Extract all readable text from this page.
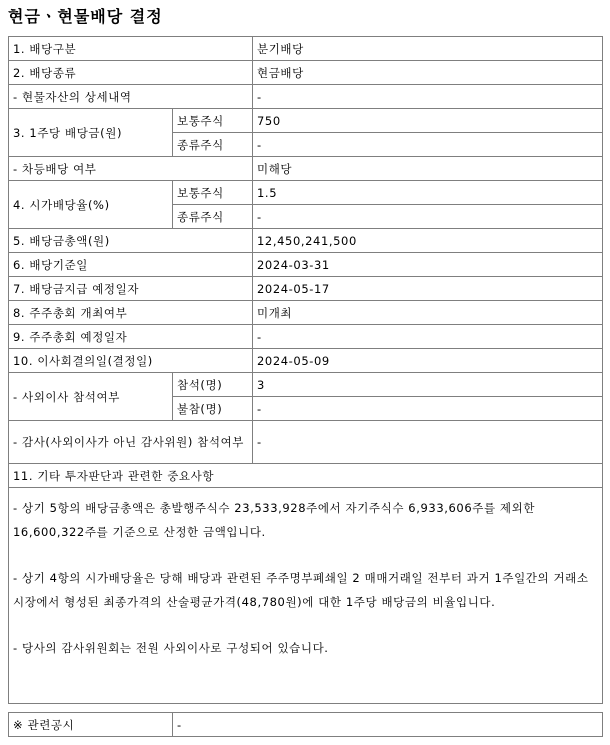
현금ㆍ현물배당 결정
1. 배당구분		분기배당
2. 배당종류		현금배당
- 현물자산의 상세내역		-
3. 1주당 배당금(원)	보통주식	750
	종류주식	-
- 차등배당 여부		미해당
4. 시가배당율(%)	보통주식	1.5
	종류주식	-
5. 배당금총액(원)		12,450,241,500
6. 배당기준일		2024-03-31
7. 배당금지급 예정일자		2024-05-17
8. 주주총회 개최여부		미개최
9. 주주총회 예정일자		-
10. 이사회결의일(결정일)		2024-05-09
- 사외이사 참석여부	참석(명)	3
	불참(명)	-
- 감사(사외이사가 아닌 감사위원) 참석여부		-
11. 기타 투자판단과 관련한 중요사항		

- 상기 5항의 배당금총액은 총발행주식수 23,533,928주에서 자기주식수 6,933,606주를 제외한 16,600,322주를 기준으로 산정한 금액입니다.

- 상기 4항의 시가배당율은 당해 배당과 관련된 주주명부폐쇄일 2 매매거래일 전부터 과거 1주일간의 거래소 시장에서 형성된 최종가격의 산술평균가격(48,780원)에 대한 1주당 배당금의 비율입니다.

- 당사의 감사위원회는 전원 사외이사로 구성되어 있습니다.		

※ 관련공시	-
